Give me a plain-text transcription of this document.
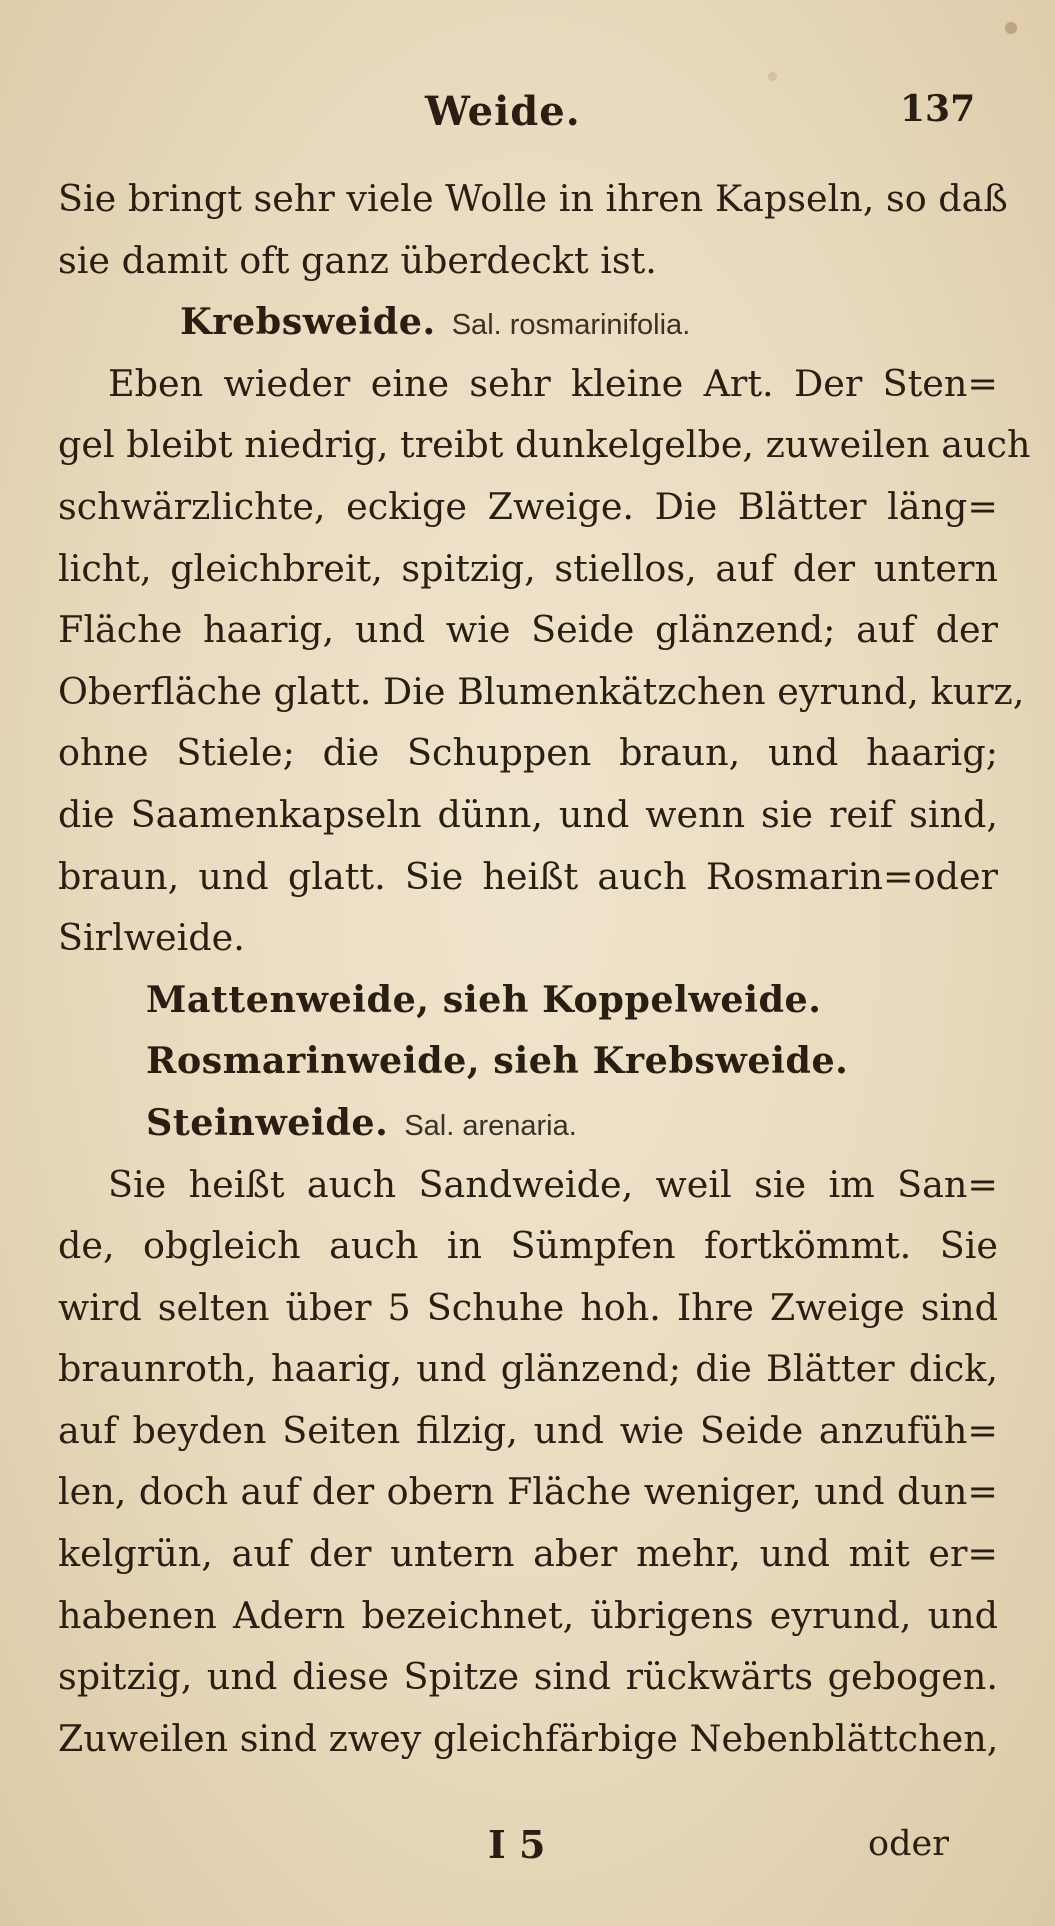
Weide.	137
Sie bringt sehr viele Wolle in ihren Kapseln, so daß
sie damit oft ganz überdeckt ist.
Krebsweide. Sal. rosmarinifolia.
Eben wieder eine sehr kleine Art. Der Sten=
gel bleibt niedrig, treibt dunkelgelbe, zuweilen auch
schwärzlichte, eckige Zweige. Die Blätter läng=
licht, gleichbreit, spitzig, stiellos, auf der untern
Fläche haarig, und wie Seide glänzend; auf der
Oberfläche glatt. Die Blumenkätzchen eyrund, kurz,
ohne Stiele; die Schuppen braun, und haarig;
die Saamenkapseln dünn, und wenn sie reif sind,
braun, und glatt. Sie heißt auch Rosmarin=oder
Sirlweide.
Mattenweide, sieh Koppelweide.
Rosmarinweide, sieh Krebsweide.
Steinweide. Sal. arenaria.
Sie heißt auch Sandweide, weil sie im San=
de, obgleich auch in Sümpfen fortkömmt. Sie
wird selten über 5 Schuhe hoh. Ihre Zweige sind
braunroth, haarig, und glänzend; die Blätter dick,
auf beyden Seiten filzig, und wie Seide anzufüh=
len, doch auf der obern Fläche weniger, und dun=
kelgrün, auf der untern aber mehr, und mit er=
habenen Adern bezeichnet, übrigens eyrund, und
spitzig, und diese Spitze sind rückwärts gebogen.
Zuweilen sind zwey gleichfärbige Nebenblättchen,
I 5	oder
